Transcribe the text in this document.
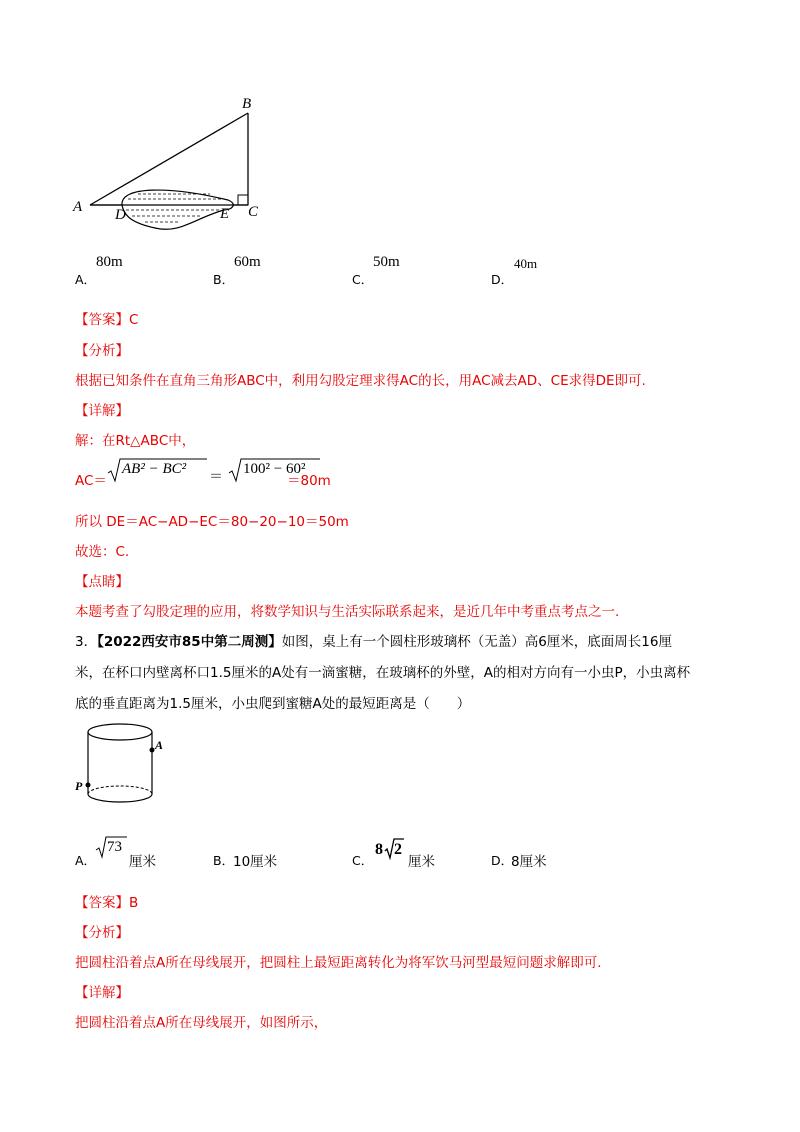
B
A D	E C
A．
80m
B．
60m
C．
50m
D．
40m
【答案】C
【分析】
根据已知条件在直角三角形ABC中，利用勾股定理求得AC的长，用AC减去AD、CE求得DE即可.
【详解】
解：在Rt△ABC中，
AC＝
AB² − BC² ＝ 100² − 60²
＝80m
所以 DE＝AC−AD−EC＝80−20−10＝50m
故选：C.
【点睛】
本题考查了勾股定理的应用，将数学知识与生活实际联系起来，是近几年中考重点考点之一.
3．【2022西安市85中第二周测】如图，桌上有一个圆柱形玻璃杯（无盖）高6厘米，底面周长16厘
米，在杯口内壁离杯口1.5厘米的A处有一滴蜜糖，在玻璃杯的外壁，A的相对方向有一小虫P，小虫离杯
底的垂直距离为1.5厘米，小虫爬到蜜糖A处的最短距离是（　　）
A
P
A．
73
厘米	B．
10厘米	C．
8 2
厘米	D．
8厘米
【答案】B
【分析】
把圆柱沿着点A所在母线展开，把圆柱上最短距离转化为将军饮马河型最短问题求解即可.
【详解】
把圆柱沿着点A所在母线展开，如图所示，
